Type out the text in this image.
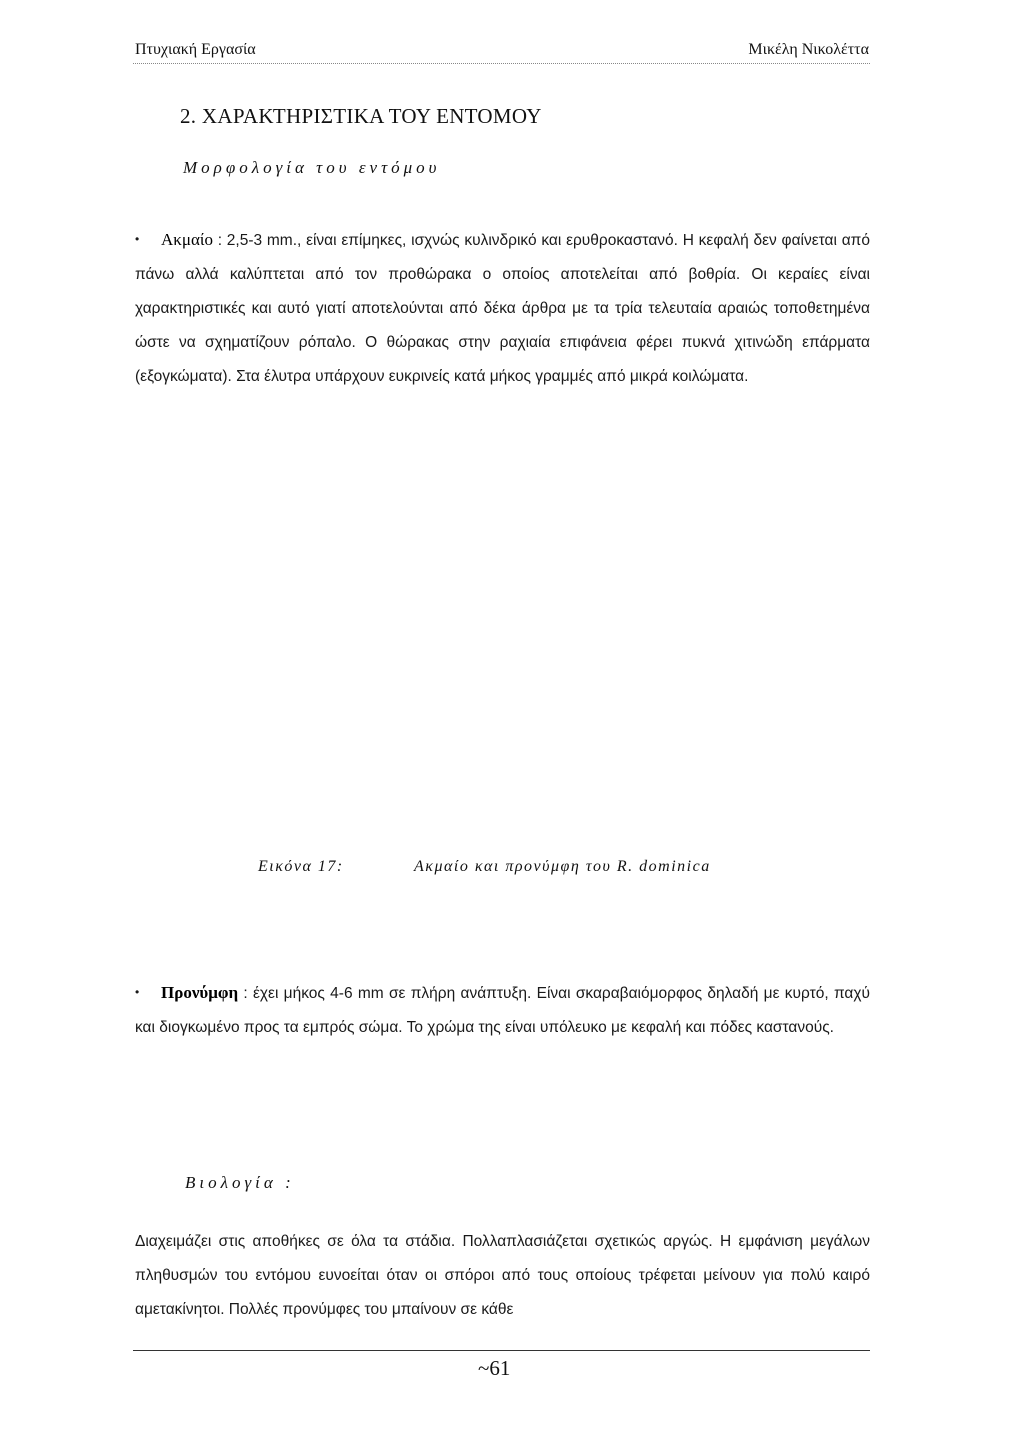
Πτυχιακή Εργασία	Μικέλη Νικολέττα
2. ΧΑΡΑΚΤΗΡΙΣΤΙΚΑ ΤΟΥ ΕΝΤΟΜΟΥ
Μορφολογία του εντόμου

• Ακμαίο : 2,5-3 mm., είναι επίμηκες, ισχνώς κυλινδρικό και ερυθροκαστανό. Η κεφαλή δεν φαίνεται από πάνω αλλά καλύπτεται από τον προθώρακα ο οποίος αποτελείται από βοθρία. Οι κεραίες είναι χαρακτηριστικές και αυτό γιατί αποτελούνται από δέκα άρθρα με τα τρία τελευταία αραιώς τοποθετημένα ώστε να σχηματίζουν ρόπαλο. Ο θώρακας στην ραχιαία επιφάνεια φέρει πυκνά χιτινώδη επάρματα (εξογκώματα). Στα έλυτρα υπάρχουν ευκρινείς κατά μήκος γραμμές από μικρά κοιλώματα.

Εικόνα 17:	Ακμαίο και προνύμφη του R. dominica

• Προνύμφη : έχει μήκος 4-6 mm σε πλήρη ανάπτυξη. Είναι σκαραβαιόμορφος δηλαδή με κυρτό, παχύ και διογκωμένο προς τα εμπρός σώμα. Το χρώμα της είναι υπόλευκο με κεφαλή και πόδες καστανούς.

Βιολογία :

Διαχειμάζει στις αποθήκες σε όλα τα στάδια. Πολλαπλασιάζεται σχετικώς αργώς. Η εμφάνιση μεγάλων πληθυσμών του εντόμου ευνοείται όταν οι σπόροι από τους οποίους τρέφεται μείνουν για πολύ καιρό αμετακίνητοι. Πολλές προνύμφες του μπαίνουν σε κάθε

~61
